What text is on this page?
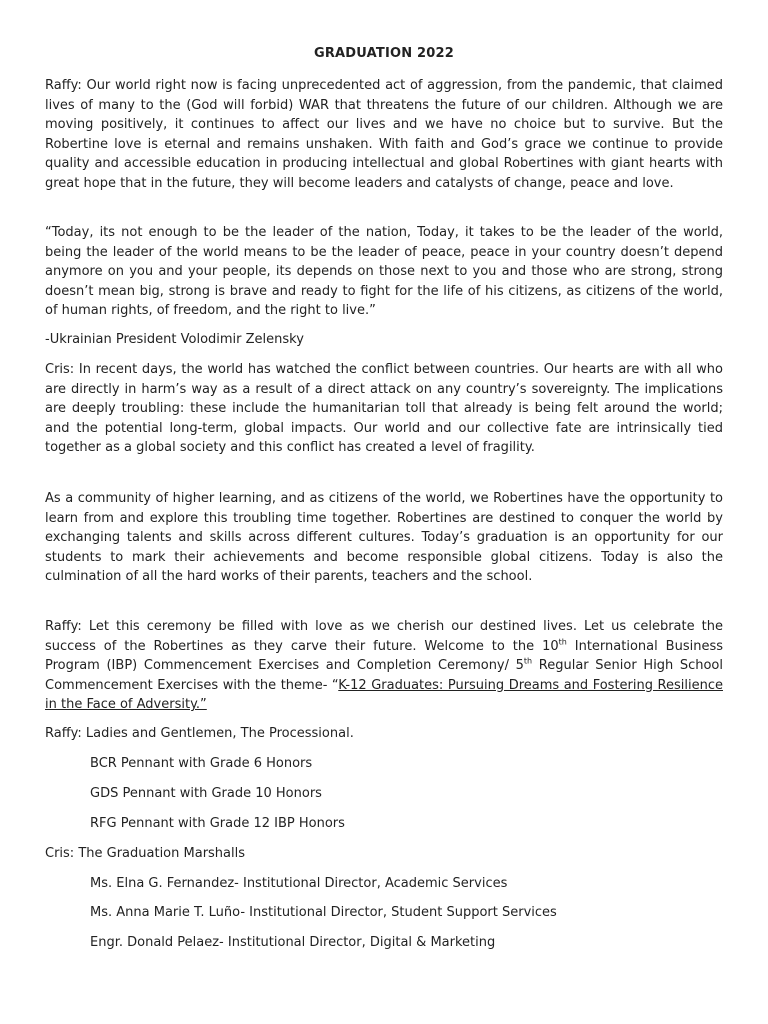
GRADUATION 2022

Raffy: Our world right now is facing unprecedented act of aggression, from the pandemic, that claimed lives of many to the (God will forbid) WAR that threatens the future of our children. Although we are moving positively, it continues to affect our lives and we have no choice but to survive. But the Robertine love is eternal and remains unshaken. With faith and God’s grace we continue to provide quality and accessible education in producing intellectual and global Robertines with giant hearts with great hope that in the future, they will become leaders and catalysts of change, peace and love.

“Today, its not enough to be the leader of the nation, Today, it takes to be the leader of the world, being the leader of the world means to be the leader of peace, peace in your country doesn’t depend anymore on you and your people, its depends on those next to you and those who are strong, strong doesn’t mean big, strong is brave and ready to fight for the life of his citizens, as citizens of the world, of human rights, of freedom, and the right to live.”

-Ukrainian President Volodimir Zelensky

Cris: In recent days, the world has watched the conflict between countries. Our hearts are with all who are directly in harm’s way as a result of a direct attack on any country’s sovereignty. The implications are deeply troubling: these include the humanitarian toll that already is being felt around the world; and the potential long-term, global impacts. Our world and our collective fate are intrinsically tied together as a global society and this conflict has created a level of fragility.

As a community of higher learning, and as citizens of the world, we Robertines have the opportunity to learn from and explore this troubling time together. Robertines are destined to conquer the world by exchanging talents and skills across different cultures. Today’s graduation is an opportunity for our students to mark their achievements and become responsible global citizens. Today is also the culmination of all the hard works of their parents, teachers and the school.

Raffy: Let this ceremony be filled with love as we cherish our destined lives. Let us celebrate the success of the Robertines as they carve their future. Welcome to the 10th International Business Program (IBP) Commencement Exercises and Completion Ceremony/ 5th Regular Senior High School Commencement Exercises with the theme- “K-12 Graduates: Pursuing Dreams and Fostering Resilience in the Face of Adversity.”

Raffy: Ladies and Gentlemen, The Processional.

BCR Pennant with Grade 6 Honors

GDS Pennant with Grade 10 Honors

RFG Pennant with Grade 12 IBP Honors

Cris: The Graduation Marshalls

Ms. Elna G. Fernandez- Institutional Director, Academic Services

Ms. Anna Marie T. Luño- Institutional Director, Student Support Services

Engr. Donald Pelaez- Institutional Director, Digital & Marketing
